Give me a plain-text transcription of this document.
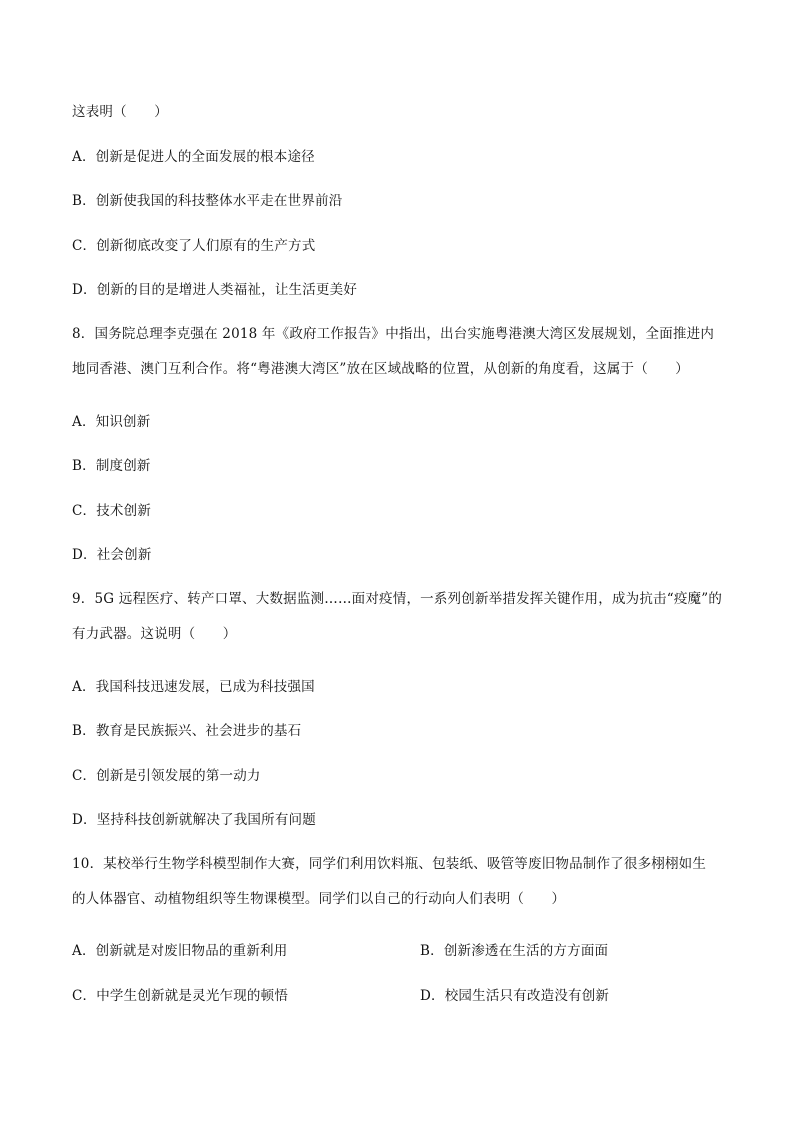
这表明（　　）
A．创新是促进人的全面发展的根本途径
B．创新使我国的科技整体水平走在世界前沿
C．创新彻底改变了人们原有的生产方式
D．创新的目的是增进人类福祉，让生活更美好
8．国务院总理李克强在 2018 年《政府工作报告》中指出，出台实施粤港澳大湾区发展规划，全面推进内
地同香港、澳门互利合作。将“粤港澳大湾区”放在区域战略的位置，从创新的角度看，这属于（　　）
A．知识创新
B．制度创新
C．技术创新
D．社会创新
9．5G 远程医疗、转产口罩、大数据监测……面对疫情，一系列创新举措发挥关键作用，成为抗击“疫魔”的
有力武器。这说明（　　）
A．我国科技迅速发展，已成为科技强国
B．教育是民族振兴、社会进步的基石
C．创新是引领发展的第一动力
D．坚持科技创新就解决了我国所有问题
10．某校举行生物学科模型制作大赛，同学们利用饮料瓶、包装纸、吸管等废旧物品制作了很多栩栩如生
的人体器官、动植物组织等生物课模型。同学们以自己的行动向人们表明（　　）
A．创新就是对废旧物品的重新利用	B．创新渗透在生活的方方面面
C．中学生创新就是灵光乍现的顿悟	D．校园生活只有改造没有创新
